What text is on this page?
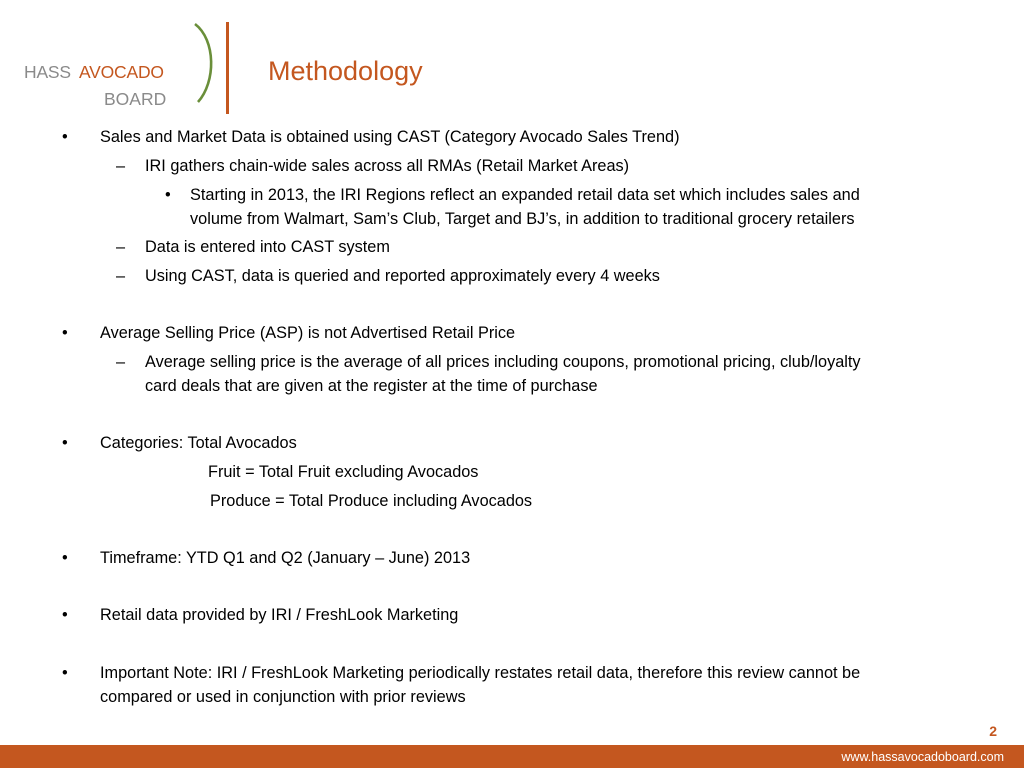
HASS AVOCADO
BOARD
Methodology
• Sales and Market Data is obtained using CAST (Category Avocado Sales Trend)
– IRI gathers chain-wide sales across all RMAs (Retail Market Areas)
• Starting in 2013, the IRI Regions reflect an expanded retail data set which includes sales and
volume from Walmart, Sam’s Club, Target and BJ’s, in addition to traditional grocery retailers
– Data is entered into CAST system
– Using CAST, data is queried and reported approximately every 4 weeks
• Average Selling Price (ASP) is not Advertised Retail Price
– Average selling price is the average of all prices including coupons, promotional pricing, club/loyalty
card deals that are given at the register at the time of purchase
• Categories: Total Avocados
Fruit = Total Fruit excluding Avocados
Produce = Total Produce including Avocados
• Timeframe: YTD Q1 and Q2 (January – June) 2013
• Retail data provided by IRI / FreshLook Marketing
• Important Note: IRI / FreshLook Marketing periodically restates retail data, therefore this review cannot be
compared or used in conjunction with prior reviews
2
www.hassavocadoboard.com
